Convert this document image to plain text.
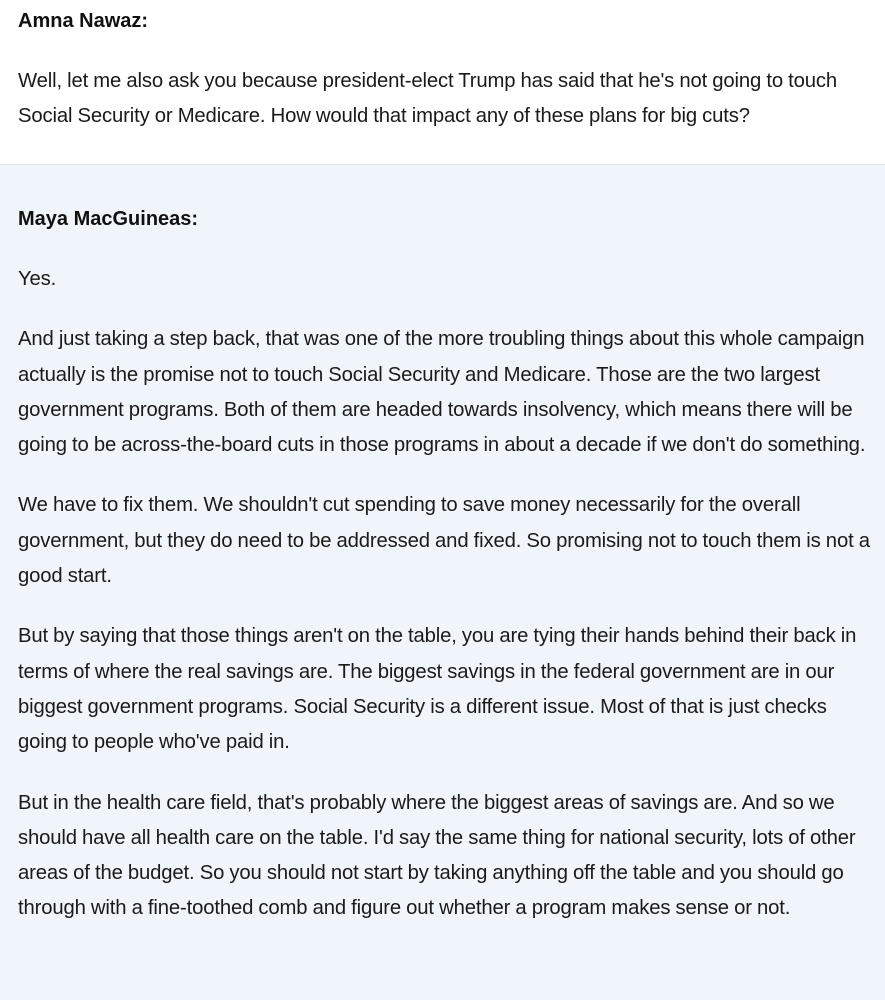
Amna Nawaz:

Well, let me also ask you because president-elect Trump has said that he's not going to touch Social Security or Medicare. How would that impact any of these plans for big cuts?

Maya MacGuineas:

Yes.

And just taking a step back, that was one of the more troubling things about this whole campaign actually is the promise not to touch Social Security and Medicare. Those are the two largest government programs. Both of them are headed towards insolvency, which means there will be going to be across-the-board cuts in those programs in about a decade if we don't do something.

We have to fix them. We shouldn't cut spending to save money necessarily for the overall government, but they do need to be addressed and fixed. So promising not to touch them is not a good start.

But by saying that those things aren't on the table, you are tying their hands behind their back in terms of where the real savings are. The biggest savings in the federal government are in our biggest government programs. Social Security is a different issue. Most of that is just checks going to people who've paid in.

But in the health care field, that's probably where the biggest areas of savings are. And so we should have all health care on the table. I'd say the same thing for national security, lots of other areas of the budget. So you should not start by taking anything off the table and you should go through with a fine-toothed comb and figure out whether a program makes sense or not.
